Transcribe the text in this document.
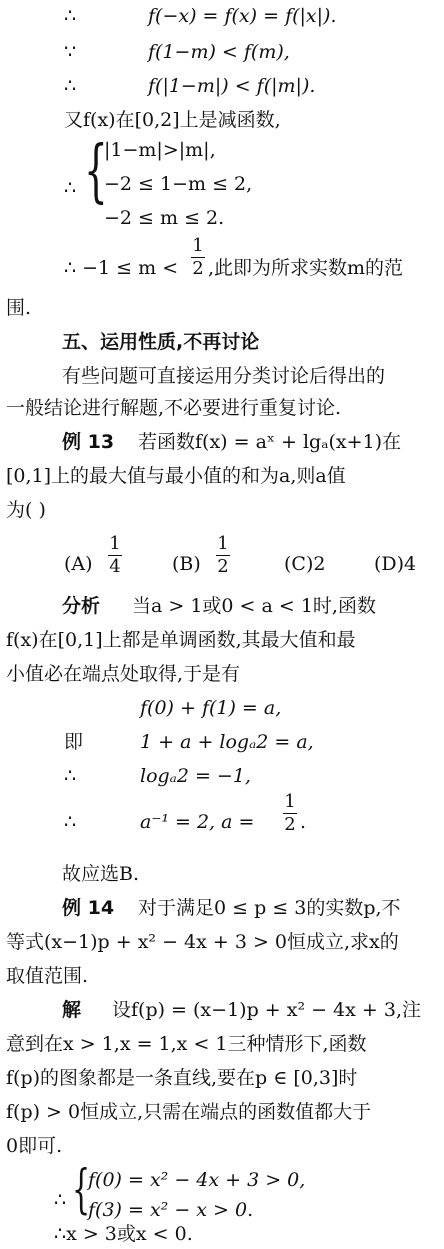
∴	f(−x) = f(x) = f(|x|).
∵	f(1−m) < f(m),
∴	f(|1−m|) < f(|m|).
又f(x)在[0,2]上是减函数,
∴ {
|1−m|>|m|,
−2 ≤ 1−m ≤ 2,
−2 ≤ m ≤ 2.
∴ −1 ≤ m <
1
2 ,此即为所求实数m的范
围.
五、运用性质,不再讨论
有些问题可直接运用分类讨论后得出的
一般结论进行解题,不必要进行重复讨论.
例 13 若函数f(x) = aˣ + lgₐ(x+1)在
[0,1]上的最大值与最小值的和为a,则a值
为( )
(A)
1
4	(B)
1
2	(C)2	(D)4
分析 当a > 1或0 < a < 1时,函数
f(x)在[0,1]上都是单调函数,其最大值和最
小值必在端点处取得,于是有
f(0) + f(1) = a,
即	1 + a + logₐ2 = a,
∴	logₐ2 = −1,
∴	a⁻¹ = 2, a =
1
2 .
故应选B.
例 14 对于满足0 ≤ p ≤ 3的实数p,不
等式(x−1)p + x² − 4x + 3 > 0恒成立,求x的
取值范围.
解 设f(p) = (x−1)p + x² − 4x + 3,注
意到在x > 1,x = 1,x < 1三种情形下,函数
f(p)的图象都是一条直线,要在p ∈ [0,3]时
f(p) > 0恒成立,只需在端点的函数值都大于
0即可.
∴ {
f(0) = x² − 4x + 3 > 0,
f(3) = x² − x > 0.
∴x > 3或x < 0.
